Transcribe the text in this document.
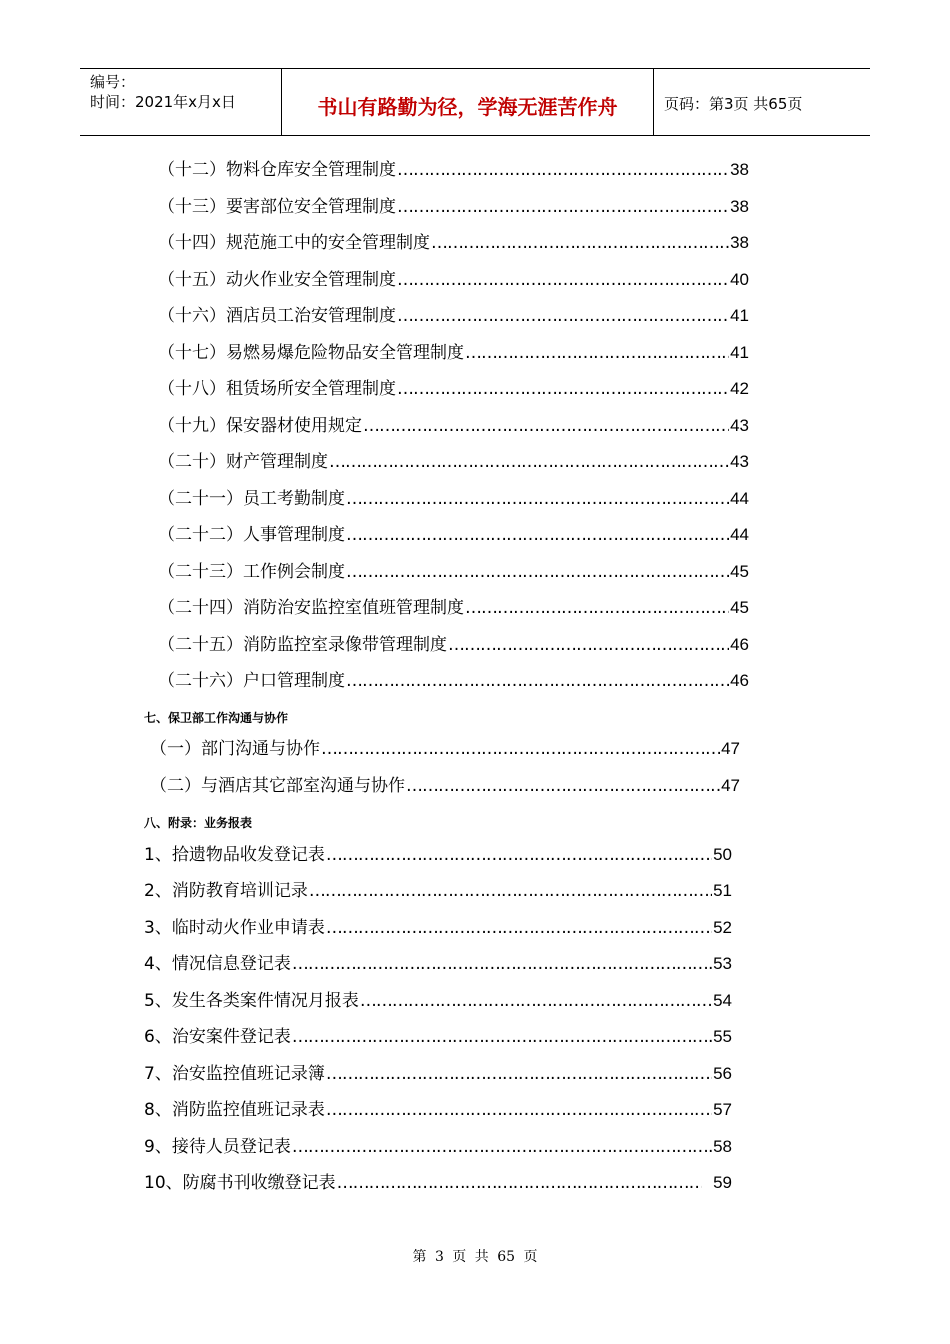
编号：
时间：2021年x月x日	书山有路勤为径，学海无涯苦作舟	页码：第3页 共65页
（十二）物料仓库安全管理制度 …………………………………………………………………………………………………………………………………………………………………………………………	38
（十三）要害部位安全管理制度 …………………………………………………………………………………………………………………………………………………………………………………………	38
（十四）规范施工中的安全管理制度 …………………………………………………………………………………………………………………………………………………………………………………………	38
（十五）动火作业安全管理制度 …………………………………………………………………………………………………………………………………………………………………………………………	40
（十六）酒店员工治安管理制度 …………………………………………………………………………………………………………………………………………………………………………………………	41
（十七）易燃易爆危险物品安全管理制度 …………………………………………………………………………………………………………………………………………………………………………………………	41
（十八）租赁场所安全管理制度 …………………………………………………………………………………………………………………………………………………………………………………………	42
（十九）保安器材使用规定 …………………………………………………………………………………………………………………………………………………………………………………………	43
（二十）财产管理制度 …………………………………………………………………………………………………………………………………………………………………………………………	43
（二十一）员工考勤制度 …………………………………………………………………………………………………………………………………………………………………………………………	44
（二十二）人事管理制度 …………………………………………………………………………………………………………………………………………………………………………………………	44
（二十三）工作例会制度 …………………………………………………………………………………………………………………………………………………………………………………………	45
（二十四）消防治安监控室值班管理制度 …………………………………………………………………………………………………………………………………………………………………………………………	45
（二十五）消防监控室录像带管理制度 …………………………………………………………………………………………………………………………………………………………………………………………	46
（二十六）户口管理制度 …………………………………………………………………………………………………………………………………………………………………………………………	46
七、保卫部工作沟通与协作
（一）部门沟通与协作 …………………………………………………………………………………………………………………………………………………………………………………………	47
（二）与酒店其它部室沟通与协作 …………………………………………………………………………………………………………………………………………………………………………………………	47
八、附录：业务报表
1、拾遗物品收发登记表 …………………………………………………………………………………………………………………………………………………………………………………………	50
2、消防教育培训记录 …………………………………………………………………………………………………………………………………………………………………………………………	51
3、临时动火作业申请表 …………………………………………………………………………………………………………………………………………………………………………………………	52
4、情况信息登记表 …………………………………………………………………………………………………………………………………………………………………………………………	53
5、发生各类案件情况月报表 …………………………………………………………………………………………………………………………………………………………………………………………	54
6、治安案件登记表 …………………………………………………………………………………………………………………………………………………………………………………………	55
7、治安监控值班记录簿 …………………………………………………………………………………………………………………………………………………………………………………………	56
8、消防监控值班记录表 …………………………………………………………………………………………………………………………………………………………………………………………	57
9、接待人员登记表 …………………………………………………………………………………………………………………………………………………………………………………………	58
10、防腐书刊收缴登记表 …………………………………………………………………………………………………………………………………………………………………………………………	59
第 3 页 共 65 页
